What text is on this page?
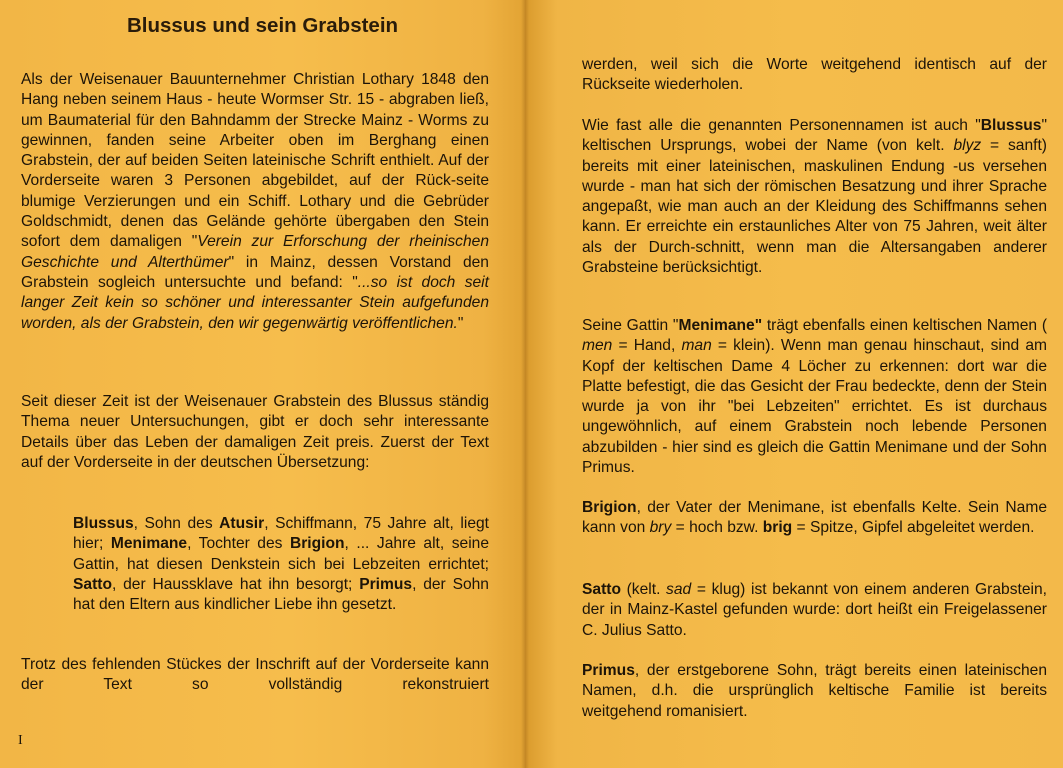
Blussus und sein Grabstein

Als der Weisenauer Bauunternehmer Christian Lothary 1848 den Hang neben seinem Haus - heute Wormser Str. 15 - abgraben ließ, um Baumaterial für den Bahndamm der Strecke Mainz - Worms zu gewinnen, fanden seine Arbeiter oben im Berghang einen Grabstein, der auf beiden Seiten lateinische Schrift enthielt. Auf der Vorderseite waren 3 Personen abgebildet, auf der Rück-seite blumige Verzierungen und ein Schiff. Lothary und die Gebrüder Goldschmidt, denen das Gelände gehörte übergaben den Stein sofort dem damaligen "Verein zur Erforschung der rheinischen Geschichte und Alterthümer" in Mainz, dessen Vorstand den Grabstein sogleich untersuchte und befand: "...so ist doch seit langer Zeit kein so schöner und interessanter Stein aufgefunden worden, als der Grabstein, den wir gegenwärtig veröffentlichen."

Seit dieser Zeit ist der Weisenauer Grabstein des Blussus ständig Thema neuer Untersuchungen, gibt er doch sehr interessante Details über das Leben der damaligen Zeit preis. Zuerst der Text auf der Vorderseite in der deutschen Übersetzung:

Blussus, Sohn des Atusir, Schiffmann, 75 Jahre alt, liegt hier; Menimane, Tochter des Brigion, ... Jahre alt, seine Gattin, hat diesen Denkstein sich bei Lebzeiten errichtet; Satto, der Haussklave hat ihn besorgt; Primus, der Sohn hat den Eltern aus kindlicher Liebe ihn gesetzt.

Trotz des fehlenden Stückes der Inschrift auf der Vorderseite kann der Text so vollständig rekonstruiert

I

werden, weil sich die Worte weitgehend identisch auf der Rückseite wiederholen.

Wie fast alle die genannten Personennamen ist auch "Blussus" keltischen Ursprungs, wobei der Name (von kelt. blyz = sanft) bereits mit einer lateinischen, maskulinen Endung -us versehen wurde - man hat sich der römischen Besatzung und ihrer Sprache angepaßt, wie man auch an der Kleidung des Schiffmanns sehen kann. Er erreichte ein erstaunliches Alter von 75 Jahren, weit älter als der Durch-schnitt, wenn man die Altersangaben anderer Grabsteine berücksichtigt.

Seine Gattin "Menimane" trägt ebenfalls einen keltischen Namen ( men = Hand, man = klein). Wenn man genau hinschaut, sind am Kopf der keltischen Dame 4 Löcher zu erkennen: dort war die Platte befestigt, die das Gesicht der Frau bedeckte, denn der Stein wurde ja von ihr "bei Lebzeiten" errichtet. Es ist durchaus ungewöhnlich, auf einem Grabstein noch lebende Personen abzubilden - hier sind es gleich die Gattin Menimane und der Sohn Primus.

Brigion, der Vater der Menimane, ist ebenfalls Kelte. Sein Name kann von bry = hoch bzw. brig = Spitze, Gipfel abgeleitet werden.

Satto (kelt. sad = klug) ist bekannt von einem anderen Grabstein, der in Mainz-Kastel gefunden wurde: dort heißt ein Freigelassener C. Julius Satto.

Primus, der erstgeborene Sohn, trägt bereits einen lateinischen Namen, d.h. die ursprünglich keltische Familie ist bereits weitgehend romanisiert.
